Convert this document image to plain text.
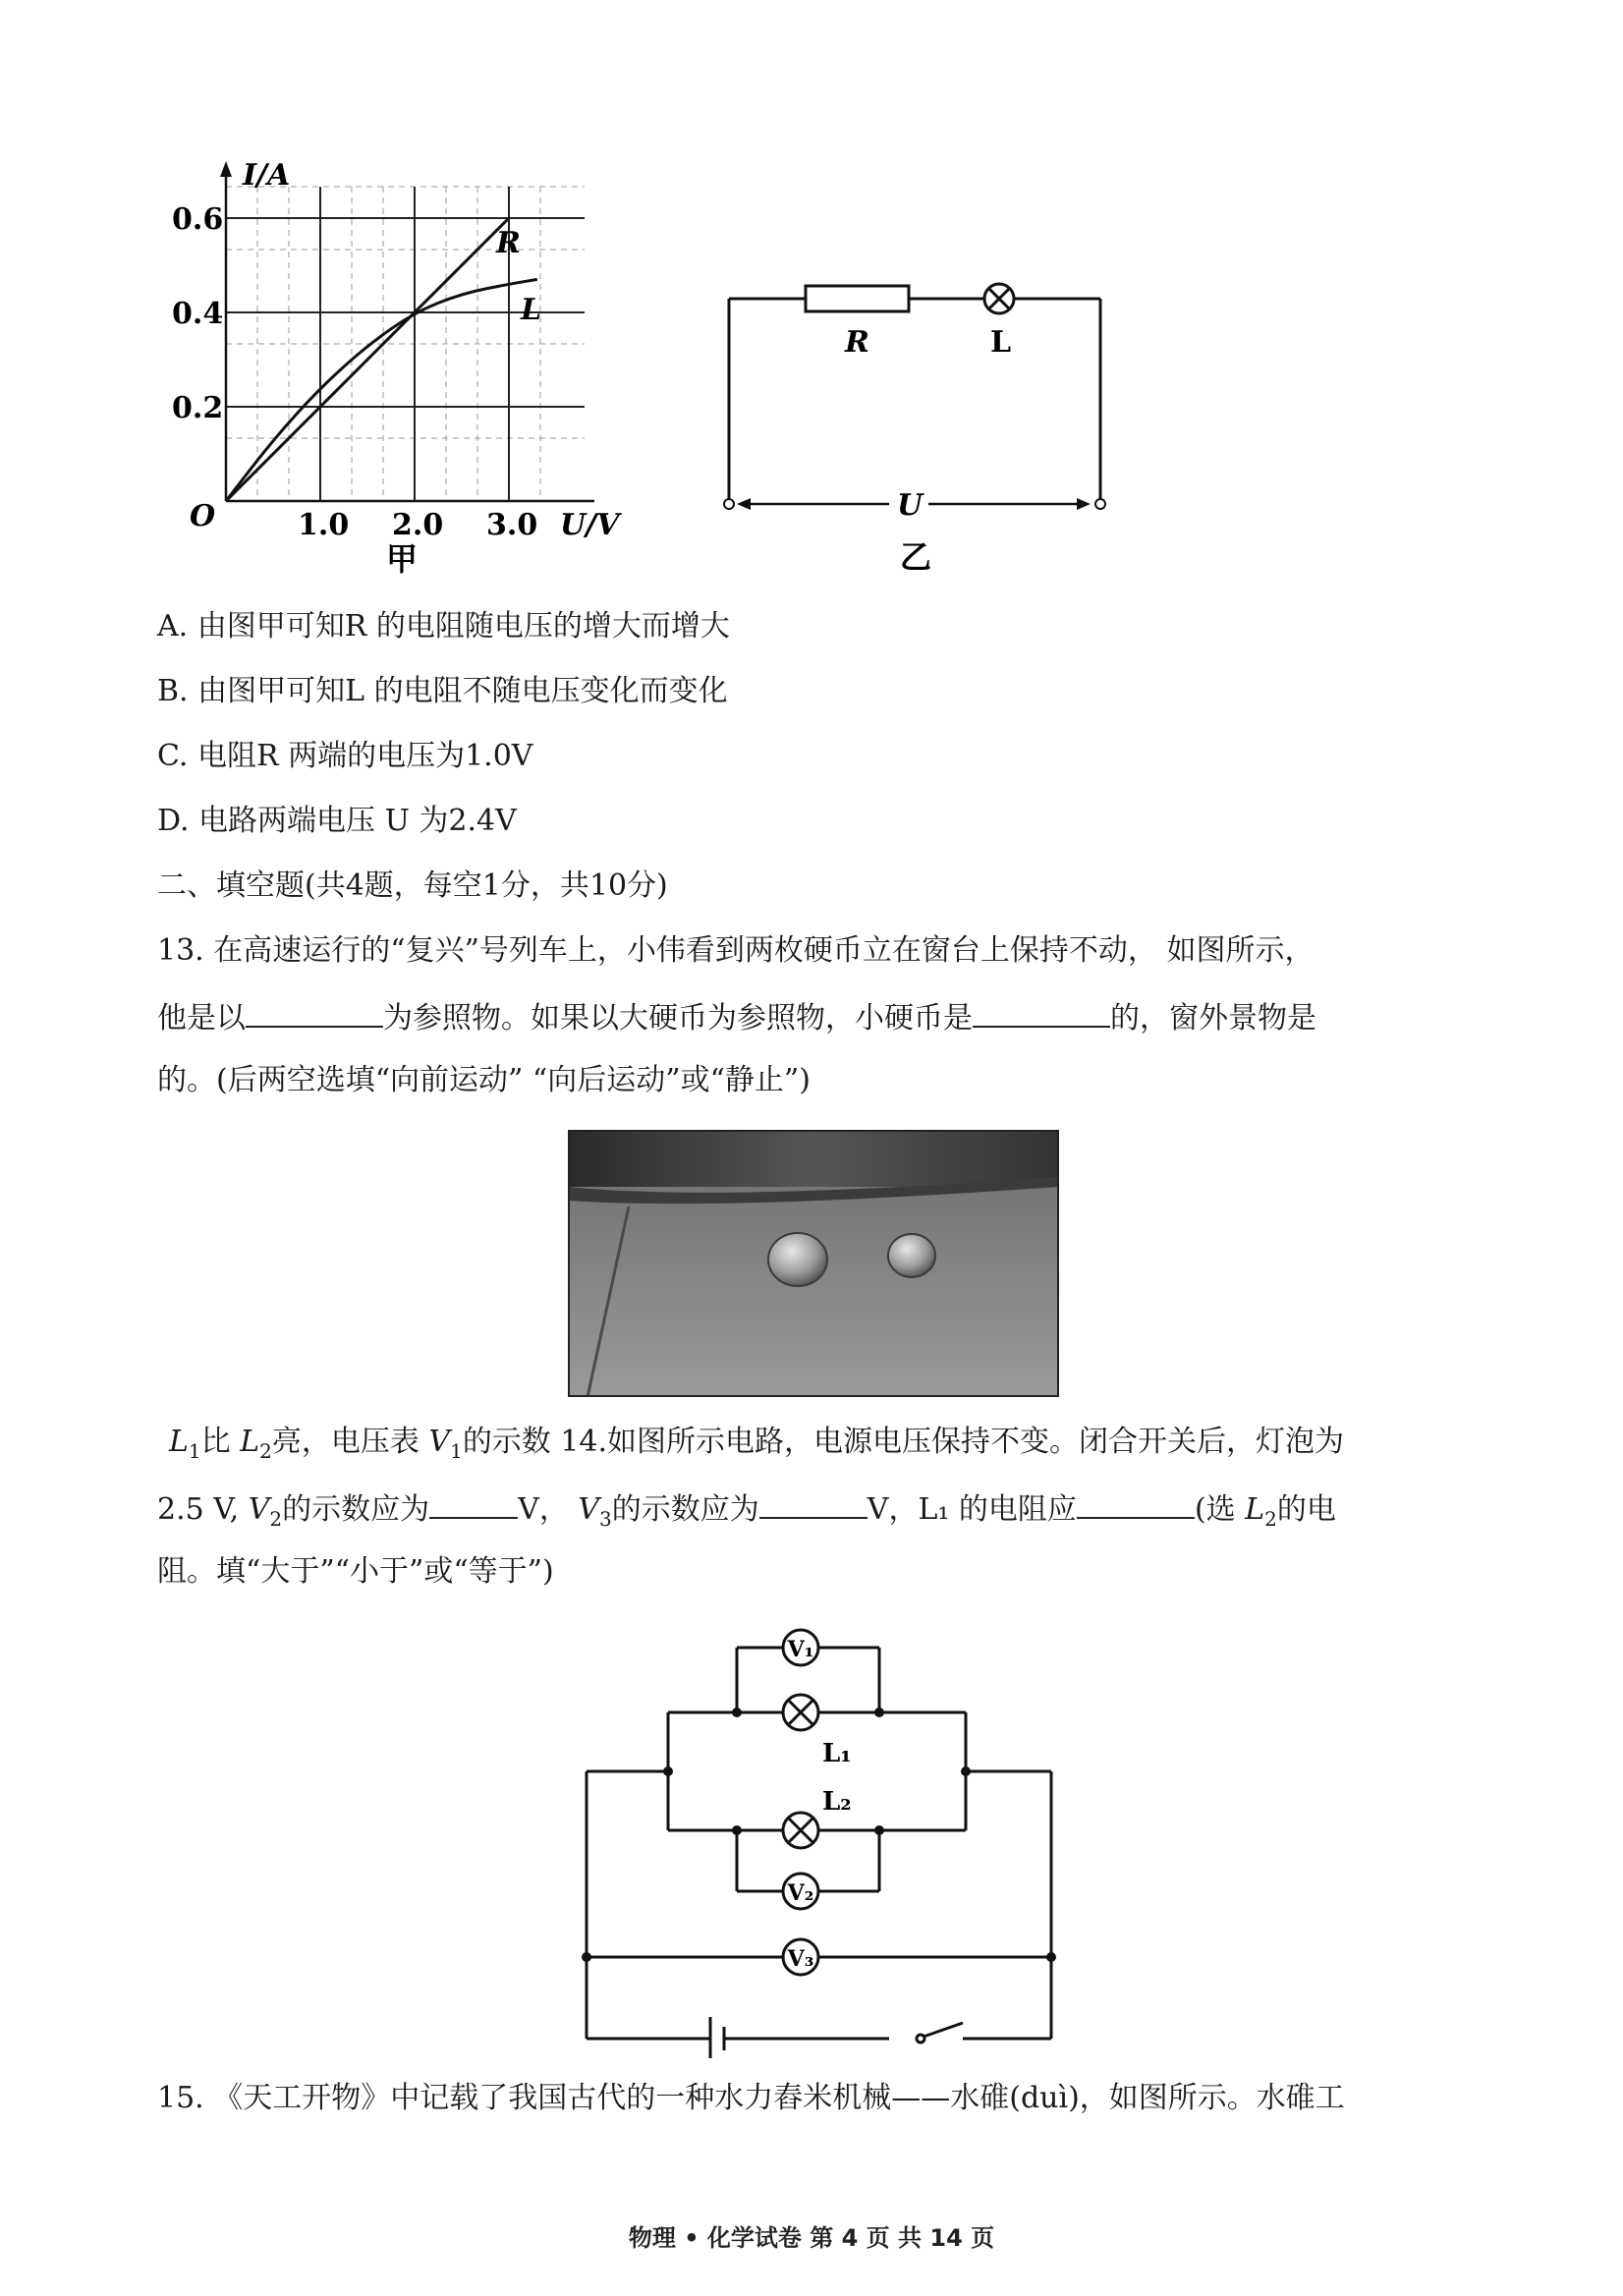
I/A
O
0.2
0.4
0.6
1.0 2.0 3.0 U/V
R
L
甲
R	L
U
乙
A. 由图甲可知R 的电阻随电压的增大而增大
B. 由图甲可知L 的电阻不随电压变化而变化
C. 电阻R 两端的电压为1.0V
D. 电路两端电压 U 为2.4V
二、填空题(共4题，每空1分，共10分)
13. 在高速运行的“复兴”号列车上，小伟看到两枚硬币立在窗台上保持不动， 如图所示，
他是以	为参照物。如果以大硬币为参照物，小硬币是	的，窗外景物是
的。(后两空选填“向前运动” “向后运动”或“静止”)
$L_1$比 $L_2$亮，电压表 $V_1$的示数 14.如图所示电路，电源电压保持不变。闭合开关后，灯泡为
2.5 V, $V_2$的示数应为	V， $V_3$的示数应为	V，L₁ 的电阻应	(选 $L_2$的电
阻。填“大于”“小于”或“等于”)
V₁
L₁
L₂
V₂
V₃
15. 《天工开物》中记载了我国古代的一种水力舂米机械——水碓(duì)，如图所示。水碓工
物理 • 化学试卷 第 4 页 共 14 页
